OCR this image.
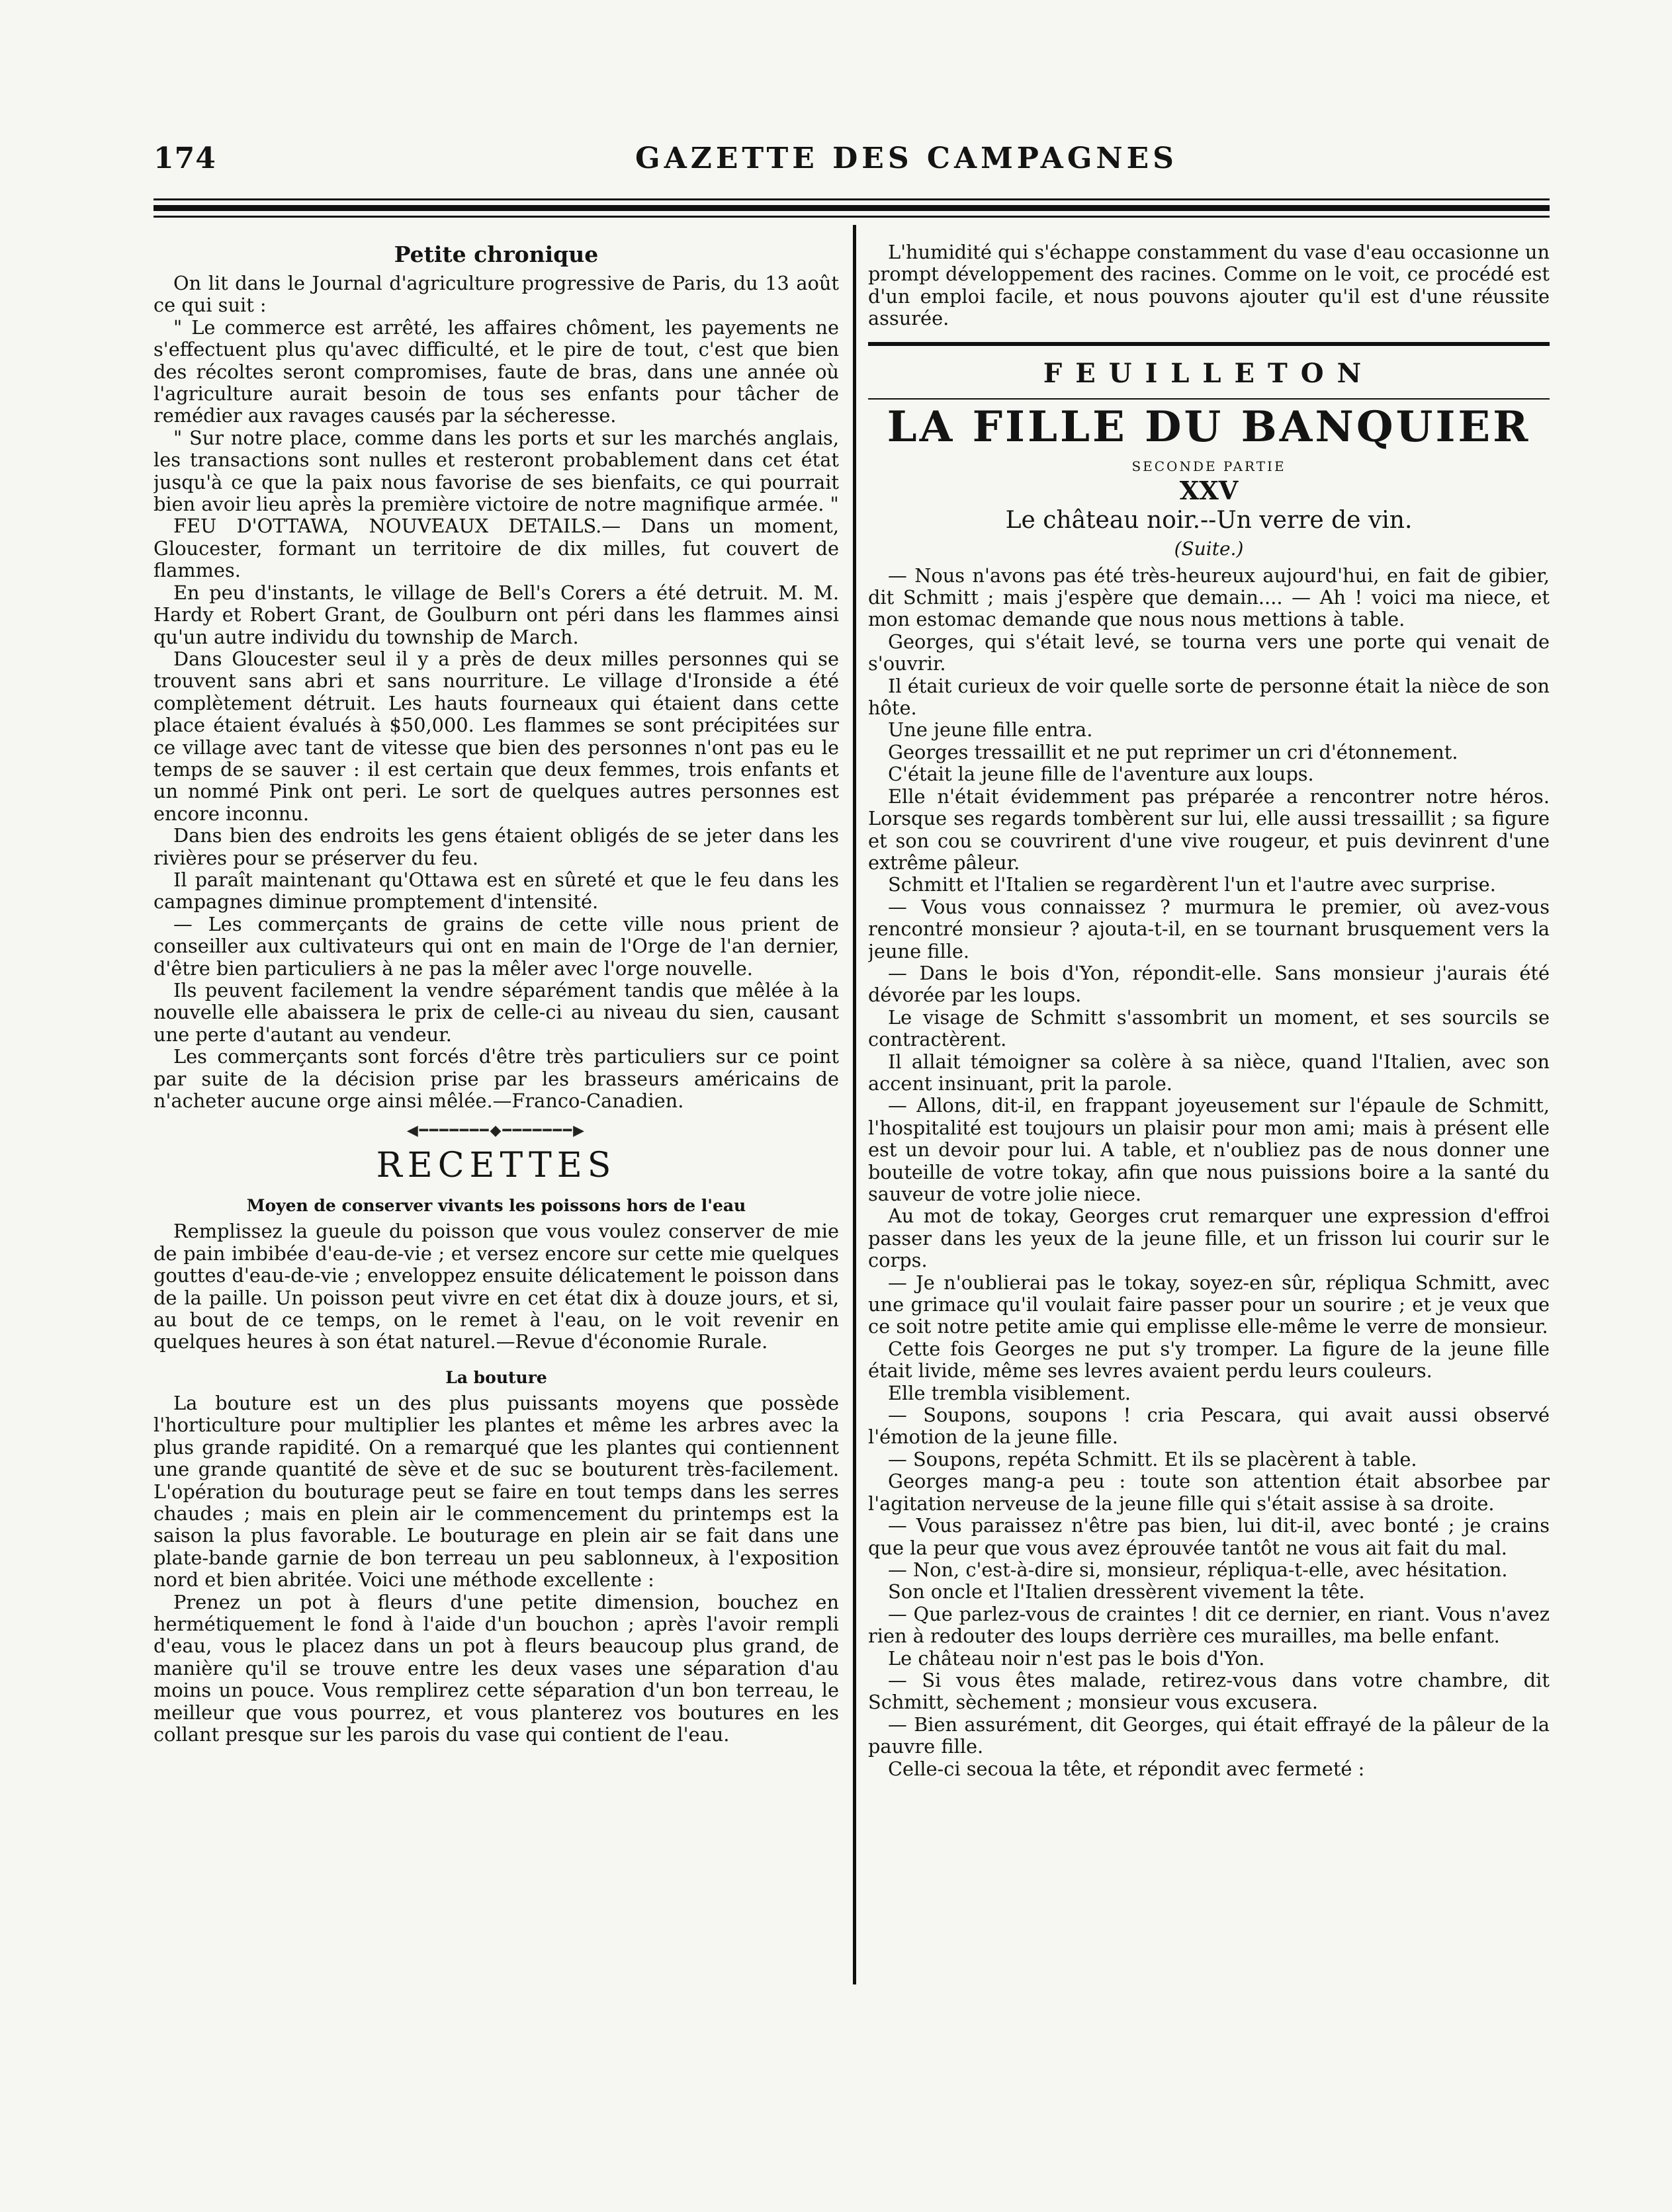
174	GAZETTE DES CAMPAGNES
Petite chronique

On lit dans le Journal d'agriculture progressive de Paris, du 13 août ce qui suit :

" Le commerce est arrêté, les affaires chôment, les payements ne s'effectuent plus qu'avec difficulté, et le pire de tout, c'est que bien des récoltes seront compromises, faute de bras, dans une année où l'agriculture aurait besoin de tous ses enfants pour tâcher de remédier aux ravages causés par la sécheresse.

" Sur notre place, comme dans les ports et sur les marchés anglais, les transactions sont nulles et resteront probablement dans cet état jusqu'à ce que la paix nous favorise de ses bienfaits, ce qui pourrait bien avoir lieu après la première victoire de notre magnifique armée. "

FEU D'OTTAWA, NOUVEAUX DETAILS.— Dans un moment, Gloucester, formant un territoire de dix milles, fut couvert de flammes.

En peu d'instants, le village de Bell's Corers a été detruit. M. M. Hardy et Robert Grant, de Goulburn ont péri dans les flammes ainsi qu'un autre individu du township de March.

Dans Gloucester seul il y a près de deux milles personnes qui se trouvent sans abri et sans nourriture. Le village d'Ironside a été complètement détruit. Les hauts fourneaux qui étaient dans cette place étaient évalués à $50,000. Les flammes se sont précipitées sur ce village avec tant de vitesse que bien des personnes n'ont pas eu le temps de se sauver : il est certain que deux femmes, trois enfants et un nommé Pink ont peri. Le sort de quelques autres personnes est encore inconnu.

Dans bien des endroits les gens étaient obligés de se jeter dans les rivières pour se préserver du feu.

Il paraît maintenant qu'Ottawa est en sûreté et que le feu dans les campagnes diminue promptement d'intensité.

— Les commerçants de grains de cette ville nous prient de conseiller aux cultivateurs qui ont en main de l'Orge de l'an dernier, d'être bien particuliers à ne pas la mêler avec l'orge nouvelle.

Ils peuvent facilement la vendre séparément tandis que mêlée à la nouvelle elle abaissera le prix de celle-ci au niveau du sien, causant une perte d'autant au vendeur.

Les commerçants sont forcés d'être très particuliers sur ce point par suite de la décision prise par les brasseurs américains de n'acheter aucune orge ainsi mêlée.—Franco-Canadien.

◀━━━━━━━◆━━━━━━━▶
RECETTES
Moyen de conserver vivants les poissons hors de l'eau

Remplissez la gueule du poisson que vous voulez conserver de mie de pain imbibée d'eau-de-vie ; et versez encore sur cette mie quelques gouttes d'eau-de-vie ; enveloppez ensuite délicatement le poisson dans de la paille. Un poisson peut vivre en cet état dix à douze jours, et si, au bout de ce temps, on le remet à l'eau, on le voit revenir en quelques heures à son état naturel.—Revue d'économie Rurale.

La bouture

La bouture est un des plus puissants moyens que possède l'horticulture pour multiplier les plantes et même les arbres avec la plus grande rapidité. On a remarqué que les plantes qui contiennent une grande quantité de sève et de suc se bouturent très-facilement. L'opération du bouturage peut se faire en tout temps dans les serres chaudes ; mais en plein air le commencement du printemps est la saison la plus favorable. Le bouturage en plein air se fait dans une plate-bande garnie de bon terreau un peu sablonneux, à l'exposition nord et bien abritée. Voici une méthode excellente :

Prenez un pot à fleurs d'une petite dimension, bouchez en hermétiquement le fond à l'aide d'un bouchon ; après l'avoir rempli d'eau, vous le placez dans un pot à fleurs beaucoup plus grand, de manière qu'il se trouve entre les deux vases une séparation d'au moins un pouce. Vous remplirez cette séparation d'un bon terreau, le meilleur que vous pourrez, et vous planterez vos boutures en les collant presque sur les parois du vase qui contient de l'eau.

L'humidité qui s'échappe constamment du vase d'eau occasionne un prompt développement des racines. Comme on le voit, ce procédé est d'un emploi facile, et nous pouvons ajouter qu'il est d'une réussite assurée.

FEUILLETON
LA FILLE DU BANQUIER
SECONDE PARTIE
XXV
Le château noir.--Un verre de vin.
(Suite.)

— Nous n'avons pas été très-heureux aujourd'hui, en fait de gibier, dit Schmitt ; mais j'espère que demain.... — Ah ! voici ma niece, et mon estomac demande que nous nous mettions à table.

Georges, qui s'était levé, se tourna vers une porte qui venait de s'ouvrir.

Il était curieux de voir quelle sorte de personne était la nièce de son hôte.

Une jeune fille entra.

Georges tressaillit et ne put reprimer un cri d'étonnement.

C'était la jeune fille de l'aventure aux loups.

Elle n'était évidemment pas préparée a rencontrer notre héros. Lorsque ses regards tombèrent sur lui, elle aussi tressaillit ; sa figure et son cou se couvrirent d'une vive rougeur, et puis devinrent d'une extrême pâleur.

Schmitt et l'Italien se regardèrent l'un et l'autre avec surprise.

— Vous vous connaissez ? murmura le premier, où avez-vous rencontré monsieur ? ajouta-t-il, en se tournant brusquement vers la jeune fille.

— Dans le bois d'Yon, répondit-elle. Sans monsieur j'aurais été dévorée par les loups.

Le visage de Schmitt s'assombrit un moment, et ses sourcils se contractèrent.

Il allait témoigner sa colère à sa nièce, quand l'Italien, avec son accent insinuant, prit la parole.

— Allons, dit-il, en frappant joyeusement sur l'épaule de Schmitt, l'hospitalité est toujours un plaisir pour mon ami; mais à présent elle est un devoir pour lui. A table, et n'oubliez pas de nous donner une bouteille de votre tokay, afin que nous puissions boire a la santé du sauveur de votre jolie niece.

Au mot de tokay, Georges crut remarquer une expression d'effroi passer dans les yeux de la jeune fille, et un frisson lui courir sur le corps.

— Je n'oublierai pas le tokay, soyez-en sûr, répliqua Schmitt, avec une grimace qu'il voulait faire passer pour un sourire ; et je veux que ce soit notre petite amie qui emplisse elle-même le verre de monsieur.

Cette fois Georges ne put s'y tromper. La figure de la jeune fille était livide, même ses levres avaient perdu leurs couleurs.

Elle trembla visiblement.

— Soupons, soupons ! cria Pescara, qui avait aussi observé l'émotion de la jeune fille.

— Soupons, repéta Schmitt. Et ils se placèrent à table.

Georges mang-a peu : toute son attention était absorbee par l'agitation nerveuse de la jeune fille qui s'était assise à sa droite.

— Vous paraissez n'être pas bien, lui dit-il, avec bonté ; je crains que la peur que vous avez éprouvée tantôt ne vous ait fait du mal.

— Non, c'est-à-dire si, monsieur, répliqua-t-elle, avec hésitation.

Son oncle et l'Italien dressèrent vivement la tête.

— Que parlez-vous de craintes ! dit ce dernier, en riant. Vous n'avez rien à redouter des loups derrière ces murailles, ma belle enfant.

Le château noir n'est pas le bois d'Yon.

— Si vous êtes malade, retirez-vous dans votre chambre, dit Schmitt, sèchement ; monsieur vous excusera.

— Bien assurément, dit Georges, qui était effrayé de la pâleur de la pauvre fille.

Celle-ci secoua la tête, et répondit avec fermeté :
